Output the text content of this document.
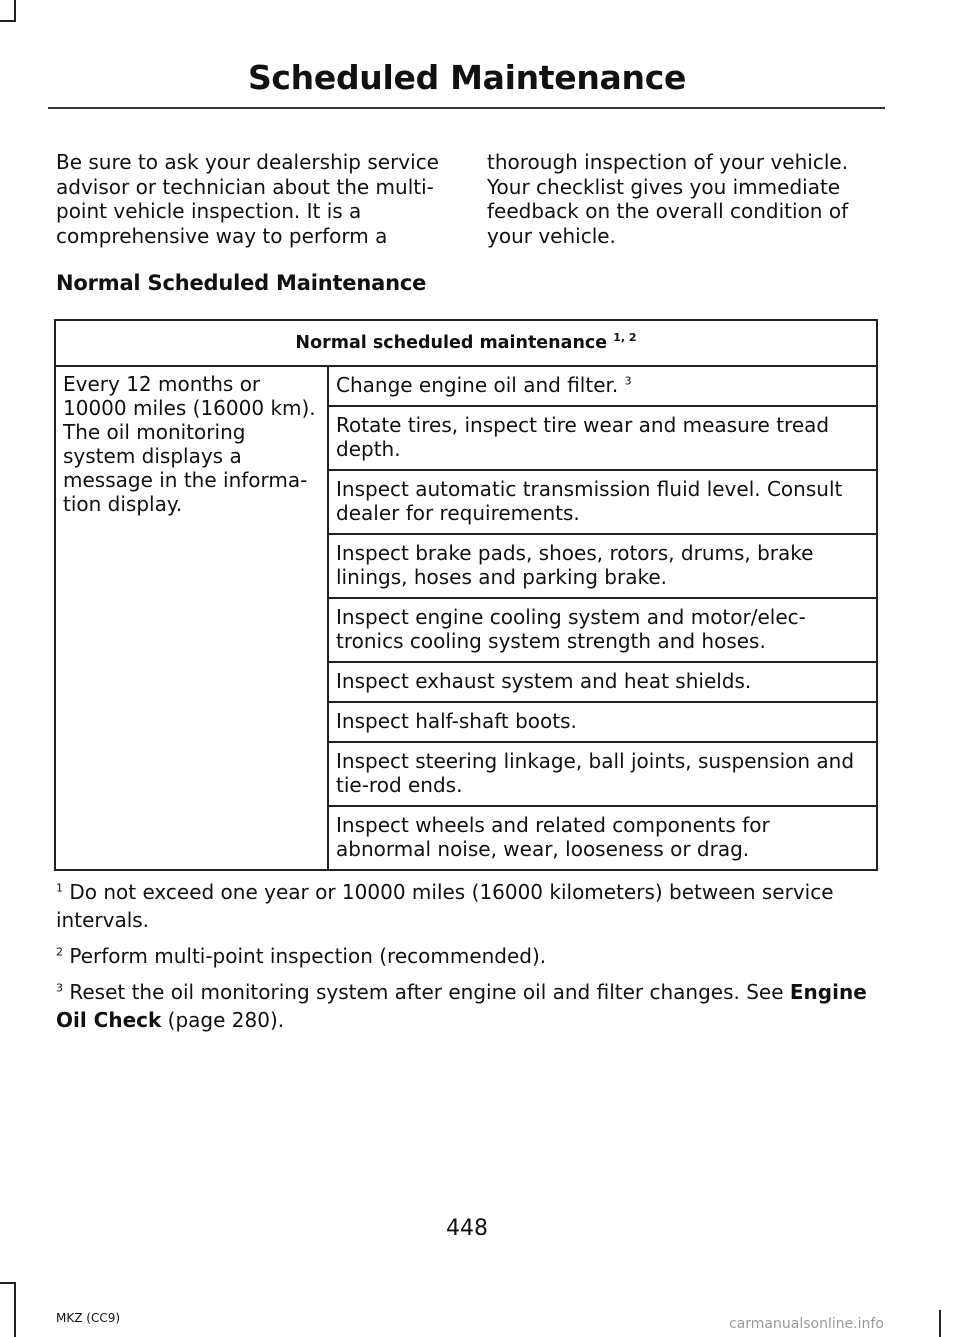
Scheduled Maintenance
Be sure to ask your dealership service advisor or technician about the multi-point vehicle inspection. It is a comprehensive way to perform a
thorough inspection of your vehicle. Your checklist gives you immediate feedback on the overall condition of your vehicle.
Normal Scheduled Maintenance
Normal scheduled maintenance $^{1, 2}$
Every 12 months or 10000 miles (16000 km). The oil monitoring system displays a message in the informa-tion display.	Change engine oil and filter. $^3$
Rotate tires, inspect tire wear and measure tread depth.
Inspect automatic transmission fluid level. Consult dealer for requirements.
Inspect brake pads, shoes, rotors, drums, brake linings, hoses and parking brake.
Inspect engine cooling system and motor/elec-tronics cooling system strength and hoses.
Inspect exhaust system and heat shields.
Inspect half-shaft boots.
Inspect steering linkage, ball joints, suspension and tie-rod ends.
Inspect wheels and related components for abnormal noise, wear, looseness or drag.

$^1$ Do not exceed one year or 10000 miles (16000 kilometers) between service intervals.

$^2$ Perform multi-point inspection (recommended).

$^3$ Reset the oil monitoring system after engine oil and filter changes. See Engine Oil Check (page 280).

448
MKZ (CC9)	carmanualsonline.info
